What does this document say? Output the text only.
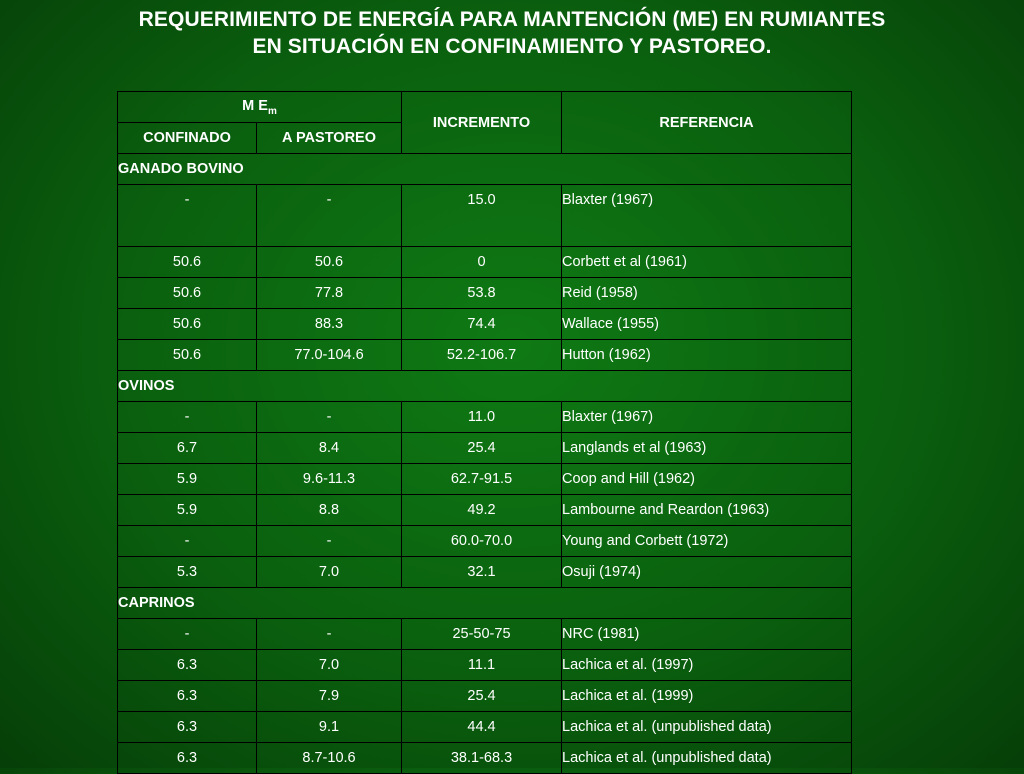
REQUERIMIENTO DE ENERGÍA PARA MANTENCIÓN (ME) EN RUMIANTES
EN SITUACIÓN EN CONFINAMIENTO Y PASTOREO.
M $E_m$		INCREMENTO	REFERENCIA
CONFINADO	A PASTOREO		
GANADO BOVINO			
-	-	15.0	Blaxter (1967)
50.6	50.6	0	Corbett et al (1961)
50.6	77.8	53.8	Reid (1958)
50.6	88.3	74.4	Wallace (1955)
50.6	77.0-104.6	52.2-106.7	Hutton (1962)
OVINOS			
-	-	11.0	Blaxter (1967)
6.7	8.4	25.4	Langlands et al (1963)
5.9	9.6-11.3	62.7-91.5	Coop and Hill (1962)
5.9	8.8	49.2	Lambourne and Reardon (1963)
-	-	60.0-70.0	Young and Corbett (1972)
5.3	7.0	32.1	Osuji (1974)
CAPRINOS			
-	-	25-50-75	NRC (1981)
6.3	7.0	11.1	Lachica et al. (1997)
6.3	7.9	25.4	Lachica et al. (1999)
6.3	9.1	44.4	Lachica et al. (unpublished data)
6.3	8.7-10.6	38.1-68.3	Lachica et al. (unpublished data)
